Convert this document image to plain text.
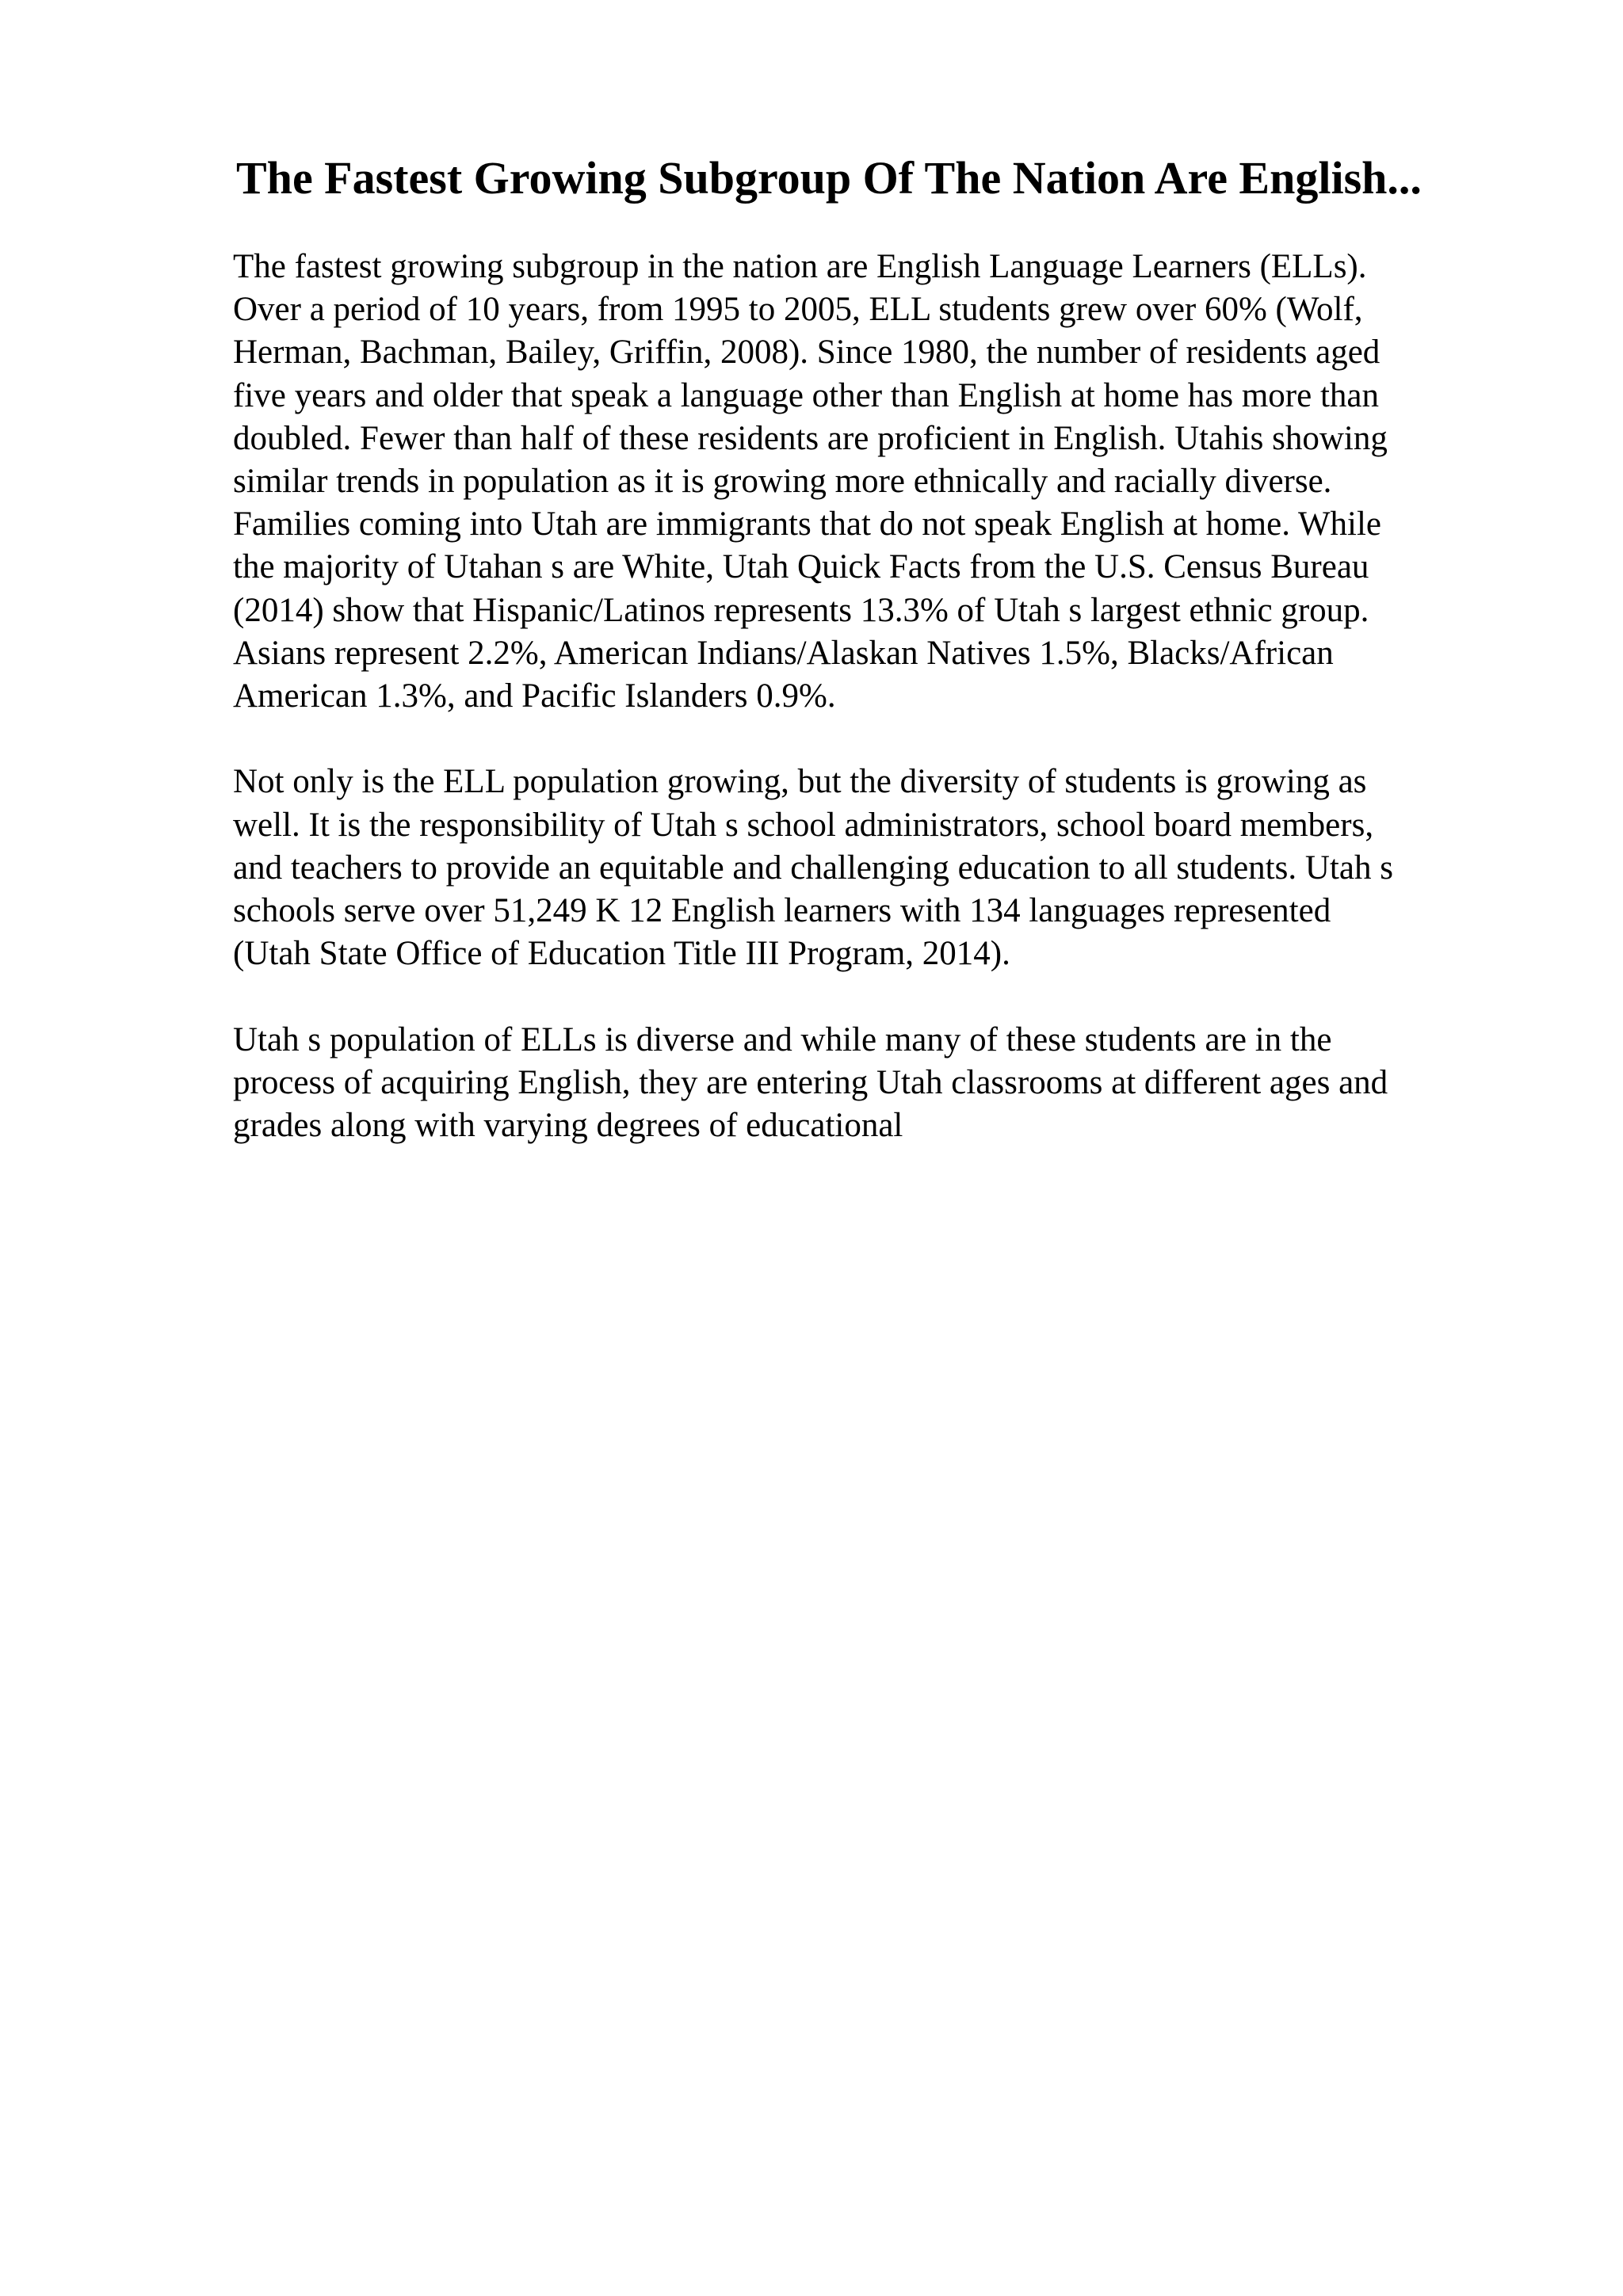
The Fastest Growing Subgroup Of The Nation Are English...

The fastest growing subgroup in the nation are English Language Learners (ELLs).
Over a period of 10 years, from 1995 to 2005, ELL students grew over 60% (Wolf,
Herman, Bachman, Bailey, Griffin, 2008). Since 1980, the number of residents aged
five years and older that speak a language other than English at home has more than
doubled. Fewer than half of these residents are proficient in English. Utahis showing
similar trends in population as it is growing more ethnically and racially diverse.
Families coming into Utah are immigrants that do not speak English at home. While
the majority of Utahan s are White, Utah Quick Facts from the U.S. Census Bureau
(2014) show that Hispanic/Latinos represents 13.3% of Utah s largest ethnic group.
Asians represent 2.2%, American Indians/Alaskan Natives 1.5%, Blacks/African
American 1.3%, and Pacific Islanders 0.9%.

Not only is the ELL population growing, but the diversity of students is growing as
well. It is the responsibility of Utah s school administrators, school board members,
and teachers to provide an equitable and challenging education to all students. Utah s
schools serve over 51,249 K 12 English learners with 134 languages represented
(Utah State Office of Education Title III Program, 2014).

Utah s population of ELLs is diverse and while many of these students are in the
process of acquiring English, they are entering Utah classrooms at different ages and
grades along with varying degrees of educational
